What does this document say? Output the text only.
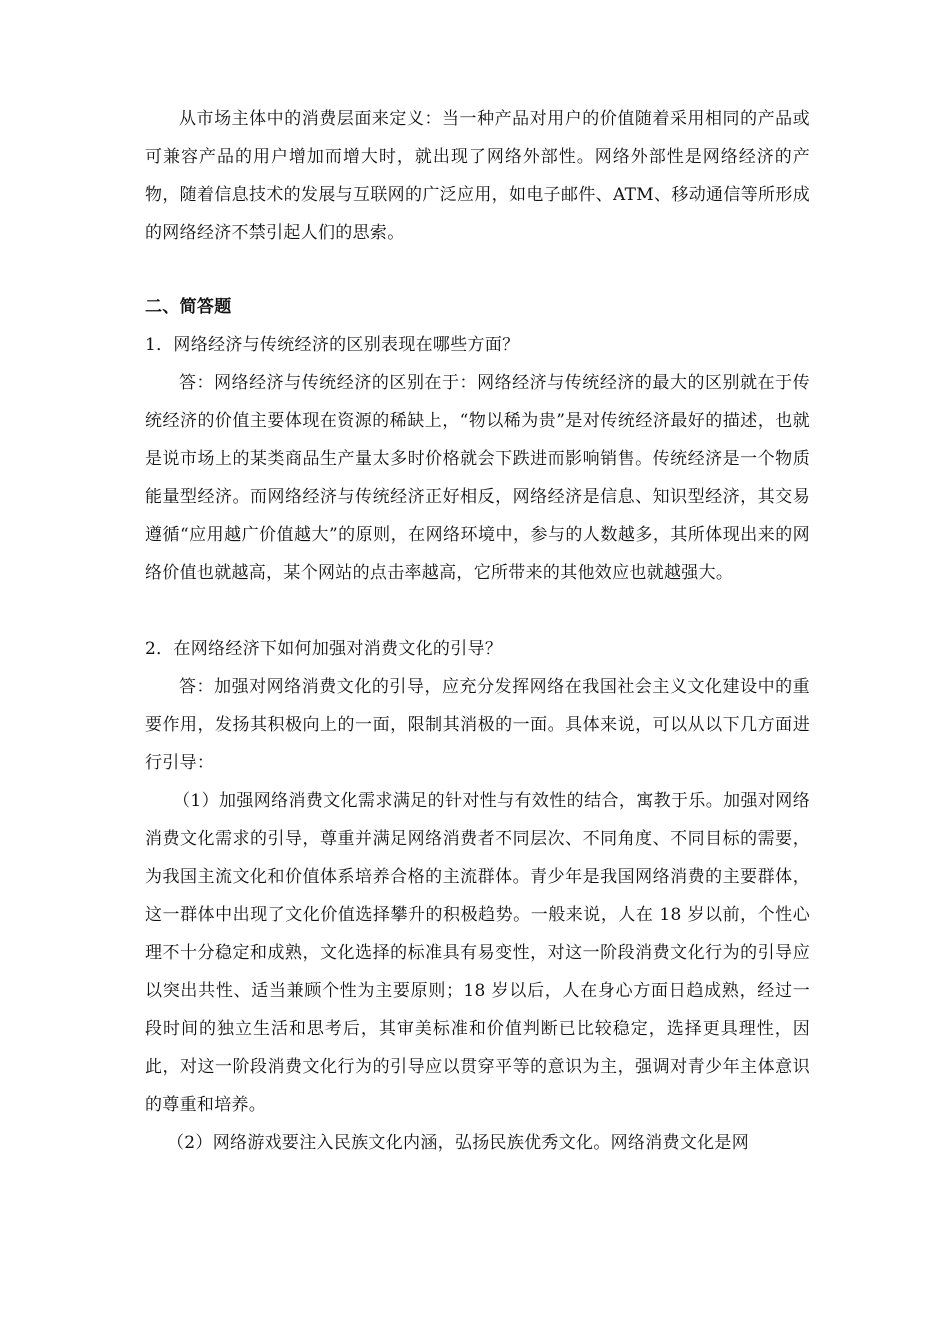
从市场主体中的消费层面来定义：当一种产品对用户的价值随着采用相同的产品或可兼容产品的用户增加而增大时，就出现了网络外部性。网络外部性是网络经济的产物，随着信息技术的发展与互联网的广泛应用，如电子邮件、ATM、移动通信等所形成的网络经济不禁引起人们的思索。

二、简答题

1．网络经济与传统经济的区别表现在哪些方面？

答：网络经济与传统经济的区别在于：网络经济与传统经济的最大的区别就在于传统经济的价值主要体现在资源的稀缺上，“物以稀为贵”是对传统经济最好的描述，也就是说市场上的某类商品生产量太多时价格就会下跌进而影响销售。传统经济是一个物质能量型经济。而网络经济与传统经济正好相反，网络经济是信息、知识型经济，其交易遵循“应用越广价值越大”的原则，在网络环境中，参与的人数越多，其所体现出来的网络价值也就越高，某个网站的点击率越高，它所带来的其他效应也就越强大。

2．在网络经济下如何加强对消费文化的引导？

答：加强对网络消费文化的引导，应充分发挥网络在我国社会主义文化建设中的重要作用，发扬其积极向上的一面，限制其消极的一面。具体来说，可以从以下几方面进行引导：

（1）加强网络消费文化需求满足的针对性与有效性的结合，寓教于乐。加强对网络消费文化需求的引导，尊重并满足网络消费者不同层次、不同角度、不同目标的需要，为我国主流文化和价值体系培养合格的主流群体。青少年是我国网络消费的主要群体，这一群体中出现了文化价值选择攀升的积极趋势。一般来说，人在 18 岁以前，个性心理不十分稳定和成熟，文化选择的标准具有易变性，对这一阶段消费文化行为的引导应以突出共性、适当兼顾个性为主要原则；18 岁以后，人在身心方面日趋成熟，经过一段时间的独立生活和思考后，其审美标准和价值判断已比较稳定，选择更具理性，因此，对这一阶段消费文化行为的引导应以贯穿平等的意识为主，强调对青少年主体意识的尊重和培养。

（2）网络游戏要注入民族文化内涵，弘扬民族优秀文化。网络消费文化是网
